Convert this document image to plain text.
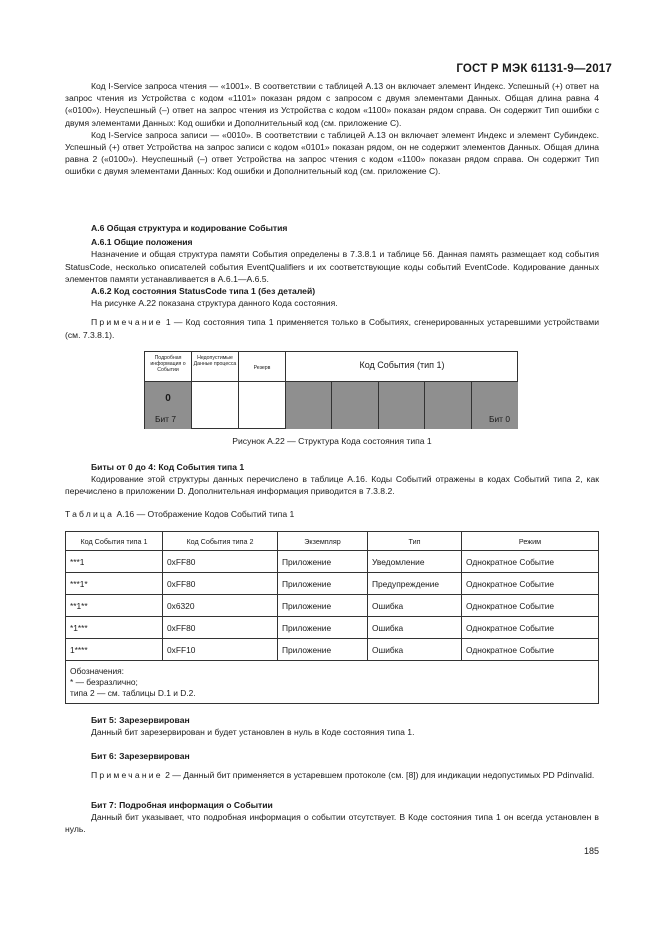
ГОСТ Р МЭК 61131-9—2017

Код I-Service запроса чтения — «1001». В соответствии с таблицей А.13 он включает элемент Индекс. Успешный (+) ответ на запрос чтения из Устройства с кодом «1101» показан рядом с запросом с двумя элементами Данных. Общая длина равна 4 («0100»). Неуспешный (–) ответ на запрос чтения из Устройства с кодом «1100» показан рядом справа. Он содержит Тип ошибки с двумя элементами Данных: Код ошибки и Дополнительный код (см. приложение С).

Код I-Service запроса записи — «0010». В соответствии с таблицей А.13 он включает элемент Индекс и элемент Субиндекс. Успешный (+) ответ Устройства на запрос записи с кодом «0101» показан рядом, он не содержит элементов Данных. Общая длина равна 2 («0100»). Неуспешный (–) ответ Устройства на запрос чтения с кодом «1100» показан рядом справа. Он содержит Тип ошибки с двумя элементами Данных: Код ошибки и Дополнительный код (см. приложение С).

А.6 Общая структура и кодирование События

А.6.1 Общие положения

Назначение и общая структура памяти События определены в 7.3.8.1 и таблице 56. Данная память размещает код события StatusCode, несколько описателей события EventQualifiers и их соответствующие коды событий EventCode. Кодирование данных элементов памяти устанавливается в А.6.1—А.6.5.

А.6.2 Код состояния StatusCode типа 1 (без деталей)

На рисунке А.22 показана структура данного Кода состояния.

Примечание 1 — Код состояния типа 1 применяется только в Событиях, сгенерированных устаревшими устройствами (см. 7.3.8.1).

Подробная информация о Событии
Недопустимые Данные процесса
Резерв	Код События (тип 1)
0
Бит 7	Бит 0
Рисунок А.22 — Структура Кода состояния типа 1

Биты от 0 до 4: Код События типа 1

Кодирование этой структуры данных перечислено в таблице А.16. Коды Событий отражены в кодах Событий типа 2, как перечислено в приложении D. Дополнительная информация приводится в 7.3.8.2.

Таблица А.16 — Отображение Кодов Событий типа 1
Код События типа 1	Код События типа 2	Экземпляр	Тип	Режим
***1	0xFF80	Приложение	Уведомление	Однократное Событие
***1*	0xFF80	Приложение	Предупреждение	Однократное Событие
**1**	0x6320	Приложение	Ошибка	Однократное Событие
*1***	0xFF80	Приложение	Ошибка	Однократное Событие
1****	0xFF10	Приложение	Ошибка	Однократное Событие

Обозначения:
* — безразлично;
типа 2 — см. таблицы D.1 и D.2.				

Бит 5: Зарезервирован

Данный бит зарезервирован и будет установлен в нуль в Коде состояния типа 1.

Бит 6: Зарезервирован

Примечание 2 — Данный бит применяется в устаревшем протоколе (см. [8]) для индикации недопустимых PD Pdinvalid.

Бит 7: Подробная информация о Событии

Данный бит указывает, что подробная информация о событии отсутствует. В Коде состояния типа 1 он всегда установлен в нуль.

185
